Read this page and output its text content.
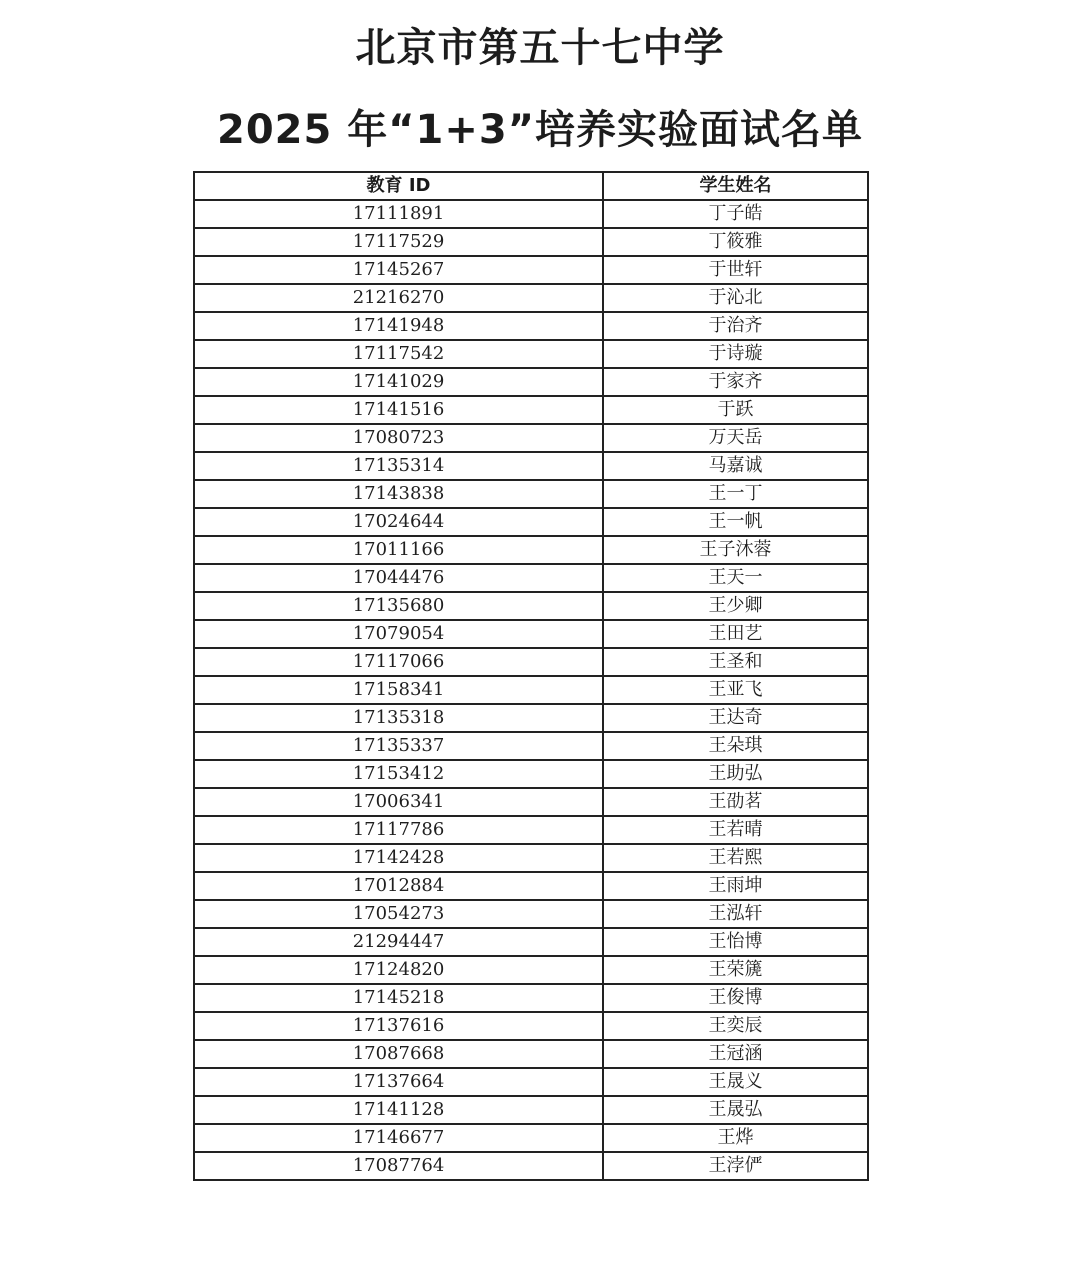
北京市第五十七中学
2025 年“1+3”培养实验面试名单
教育 ID	学生姓名
17111891	丁子皓
17117529	丁筱雅
17145267	于世轩
21216270	于沁北
17141948	于治齐
17117542	于诗璇
17141029	于家齐
17141516	于跃
17080723	万天岳
17135314	马嘉诚
17143838	王一丁
17024644	王一帆
17011166	王子沐蓉
17044476	王天一
17135680	王少卿
17079054	王田艺
17117066	王圣和
17158341	王亚飞
17135318	王达奇
17135337	王朵琪
17153412	王助弘
17006341	王劭茗
17117786	王若晴
17142428	王若熙
17012884	王雨坤
17054273	王泓轩
21294447	王怡博
17124820	王荣篪
17145218	王俊博
17137616	王奕辰
17087668	王冠涵
17137664	王晟义
17141128	王晟弘
17146677	王烨
17087764	王浡俨
